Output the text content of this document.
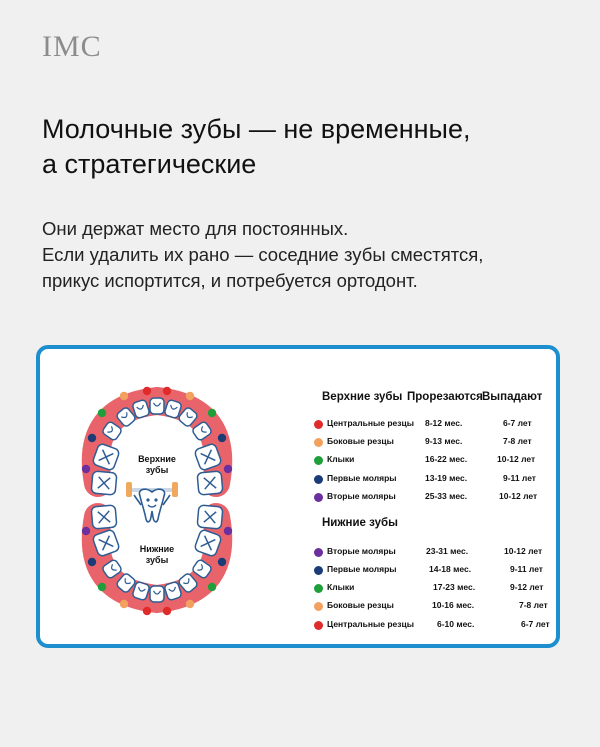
IMC
Молочные зубы — не временные,
а стратегические
Они держат место для постоянных.
Если удалить их рано — соседние зубы сместятся,
прикус испортится, и потребуется ортодонт.
Верхние
зубы
Нижние
зубы
Верхние зубы Прорезаются Выпадают
Центральные резцы 8-12 мес.	6-7 лет
Боковые резцы	9-13 мес.	7-8 лет
Клыки	16-22 мес.	10-12 лет
Первые моляры	13-19 мес.	9-11 лет
Вторые моляры	25-33 мес.	10-12 лет
Нижние зубы
Вторые моляры	23-31 мес.	10-12 лет
Первые моляры	14-18 мес.	9-11 лет
Клыки	17-23 мес.	9-12 лет
Боковые резцы	10-16 мес.	7-8 лет
Центральные резцы	6-10 мес.	6-7 лет
